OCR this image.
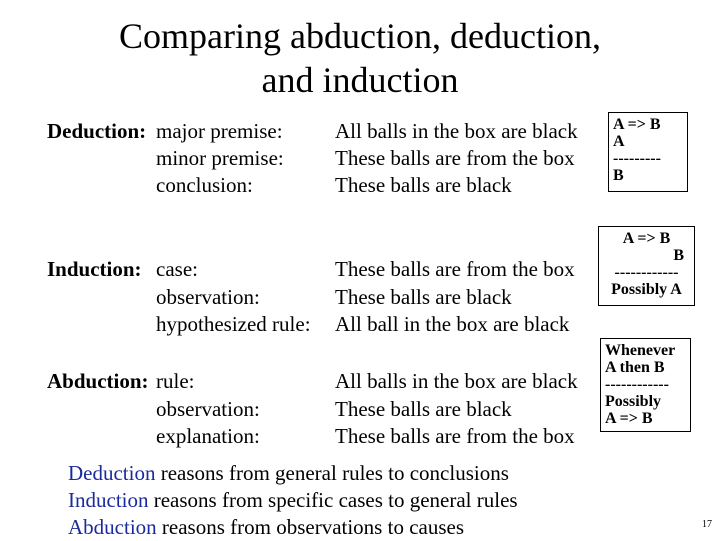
Comparing abduction, deduction,
and induction
Deduction: major premise:
minor premise:
conclusion:
All balls in the box are black
These balls are from the box
These balls are black
A => B
A
---------
B
Induction: case:
observation:
hypothesized rule:
These balls are from the box
These balls are black
All ball in the box are black
A => B
B
------------
Possibly A
Abduction: rule:
observation:
explanation:
All balls in the box are black
These balls are black
These balls are from the box
Whenever
A then B
------------
Possibly
A => B
Deduction reasons from general rules to conclusions
Induction reasons from specific cases to general rules
Abduction reasons from observations to causes	17
